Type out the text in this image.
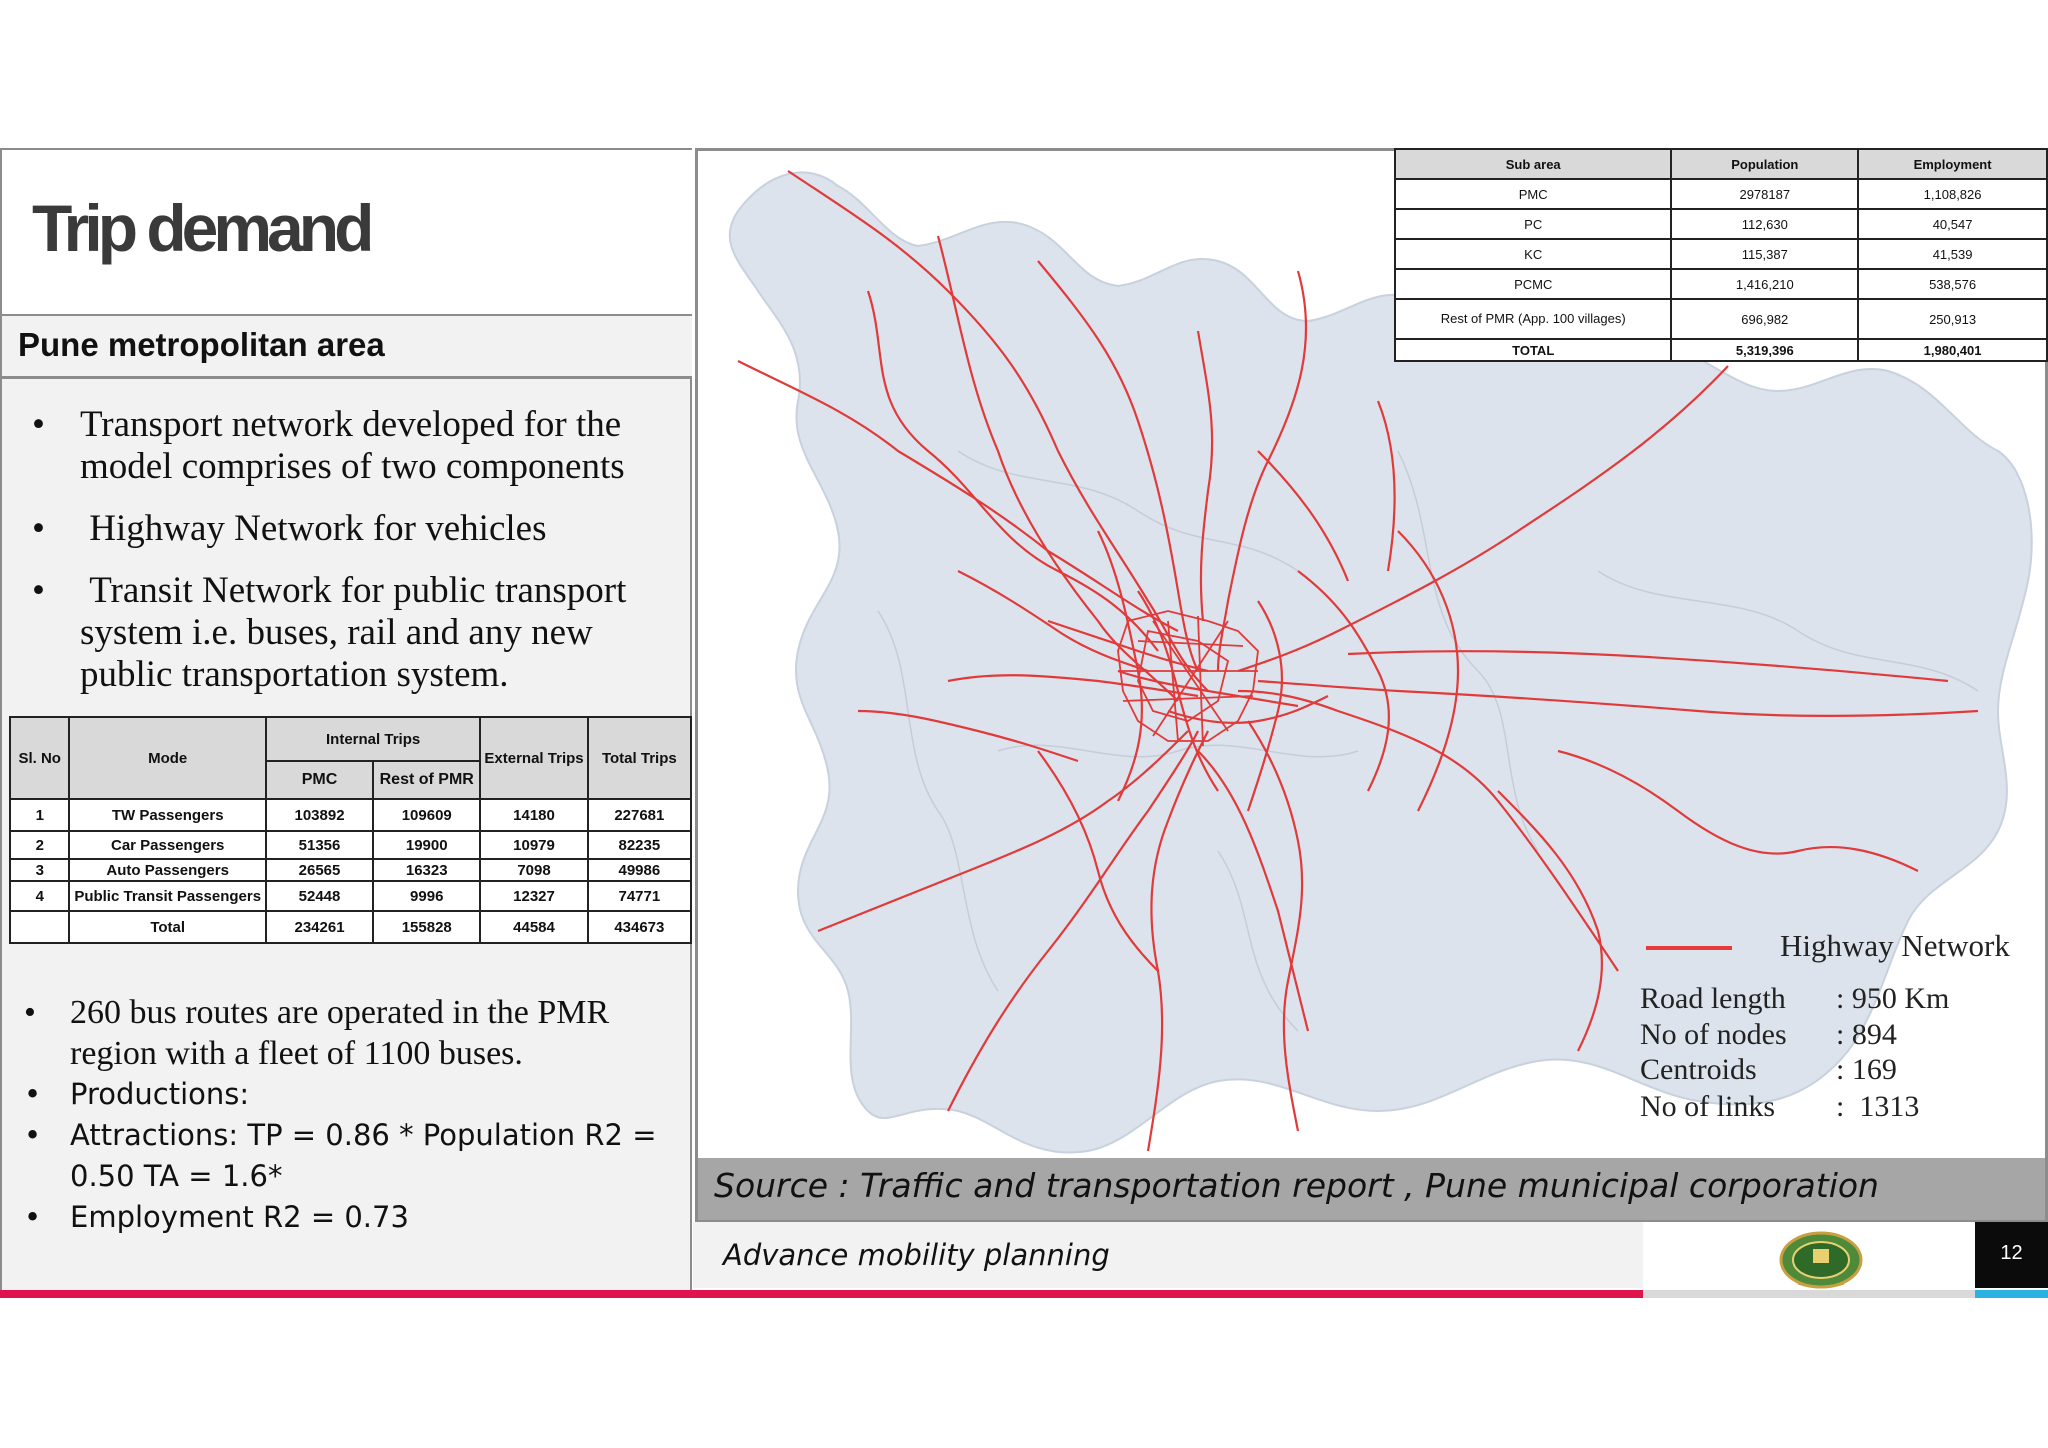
Trip demand
Pune metropolitan area
• Transport network developed for the model comprises of two components
• Highway Network for vehicles
• Transit Network for public transport system i.e. buses, rail and any new public transportation system.
Sl. No	Mode	Internal Trips		External Trips	Total Trips
		PMC	Rest of PMR		
1	TW Passengers	103892	109609	14180	227681
2	Car Passengers	51356	19900	10979	82235
3	Auto Passengers	26565	16323	7098	49986
4	Public Transit Passengers	52448	9996	12327	74771
	Total	234261	155828	44584	434673
• 260 bus routes are operated in the PMR region with a fleet of 1100 buses.
• Productions:
• Attractions: TP = 0.86 * Population R2 = 0.50 TA = 1.6*
• Employment R2 = 0.73
Sub area	Population	Employment
PMC	2978187	1,108,826
PC	112,630	40,547
KC	115,387	41,539
PCMC	1,416,210	538,576
Rest of PMR (App. 100 villages)	696,982	250,913
TOTAL	5,319,396	1,980,401
Highway Network
Road length : 950 Km
No of nodes : 894
Centroids	: 169
No of links :  1313
Source : Traffic and transportation report , Pune municipal corporation
Advance mobility planning	12
